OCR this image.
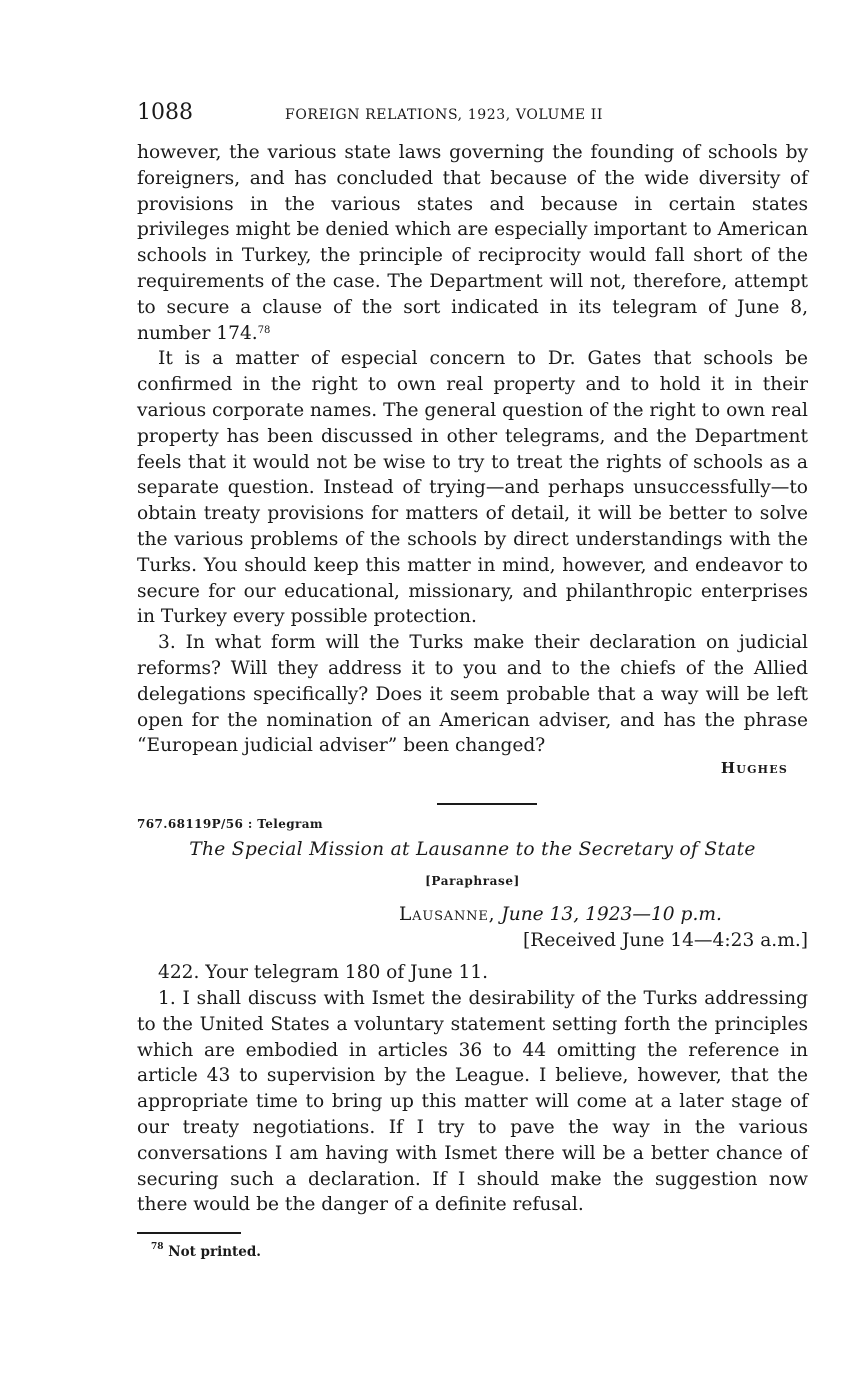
1088	FOREIGN RELATIONS, 1923, VOLUME II

however, the various state laws governing the founding of schools by foreigners, and has concluded that because of the wide diversity of provisions in the various states and because in certain states privileges might be denied which are especially important to American schools in Turkey, the principle of reciprocity would fall short of the requirements of the case. The Department will not, therefore, attempt to secure a clause of the sort indicated in its telegram of June 8, number 174.78

It is a matter of especial concern to Dr. Gates that schools be confirmed in the right to own real property and to hold it in their various corporate names. The general question of the right to own real property has been discussed in other telegrams, and the Department feels that it would not be wise to try to treat the rights of schools as a separate question. Instead of trying—and perhaps unsuccessfully—to obtain treaty provisions for matters of detail, it will be better to solve the various problems of the schools by direct understandings with the Turks. You should keep this matter in mind, however, and endeavor to secure for our educational, missionary, and philanthropic enterprises in Turkey every possible protection.

3. In what form will the Turks make their declaration on judicial reforms? Will they address it to you and to the chiefs of the Allied delegations specifically? Does it seem probable that a way will be left open for the nomination of an American adviser, and has the phrase “European judicial adviser” been changed?

Hughes
767.68119P/56 : Telegram
The Special Mission at Lausanne to the Secretary of State
[Paraphrase]
Lausanne, June 13, 1923—10 p.m.
[Received June 14—4:23 a.m.]

422. Your telegram 180 of June 11.

1. I shall discuss with Ismet the desirability of the Turks addressing to the United States a voluntary statement setting forth the principles which are embodied in articles 36 to 44 omitting the reference in article 43 to supervision by the League. I believe, however, that the appropriate time to bring up this matter will come at a later stage of our treaty negotiations. If I try to pave the way in the various conversations I am having with Ismet there will be a better chance of securing such a declaration. If I should make the suggestion now there would be the danger of a definite refusal.

$^{78}$ Not printed.
